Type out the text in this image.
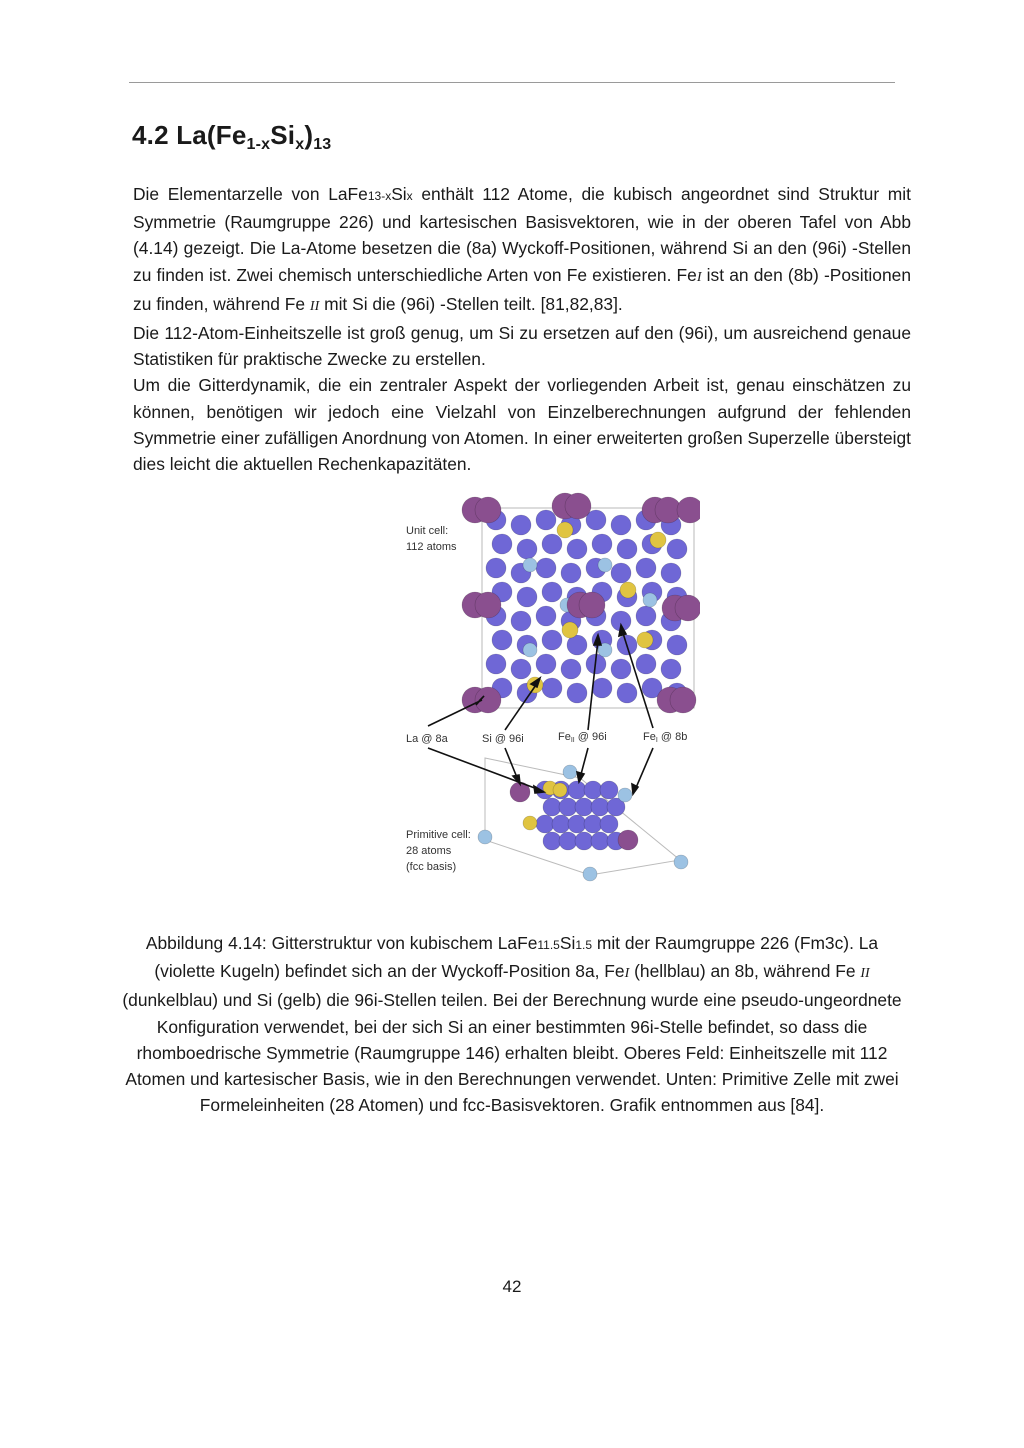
4.2 $La(Fe_{1-x}Si_x)_{13}$

Die Elementarzelle von LaFe13-xSix enthält 112 Atome, die kubisch angeordnet sind Struktur mit Symmetrie (Raumgruppe 226) und kartesischen Basisvektoren, wie in der oberen Tafel von Abb (4.14) gezeigt. Die La-Atome besetzen die (8a) Wyckoff-Positionen, während Si an den (96i) -Stellen zu finden ist. Zwei chemisch unterschiedliche Arten von Fe existieren. FeI ist an den (8b) -Positionen zu finden, während Fe II mit Si die (96i) -Stellen teilt. [81,82,83].

Die 112-Atom-Einheitszelle ist groß genug, um Si zu ersetzen auf den (96i), um ausreichend genaue Statistiken für praktische Zwecke zu erstellen.

Um die Gitterdynamik, die ein zentraler Aspekt der vorliegenden Arbeit ist, genau einschätzen zu können, benötigen wir jedoch eine Vielzahl von Einzelberechnungen aufgrund der fehlenden Symmetrie einer zufälligen Anordnung von Atomen. In einer erweiterten großen Superzelle übersteigt dies leicht die aktuellen Rechenkapazitäten.

Unit cell:
112 atoms
La @ 8a	Si @ 96i	FeII @ 96i	FeI @ 8b
Primitive cell:
28 atoms
(fcc basis)

Abbildung 4.14: Gitterstruktur von kubischem LaFe11.5Si1.5 mit der Raumgruppe 226 (Fm3c). La (violette Kugeln) befindet sich an der Wyckoff-Position 8a, FeI (hellblau) an 8b, während Fe II (dunkelblau) und Si (gelb) die 96i-Stellen teilen. Bei der Berechnung wurde eine pseudo-ungeordnete Konfiguration verwendet, bei der sich Si an einer bestimmten 96i-Stelle befindet, so dass die rhomboedrische Symmetrie (Raumgruppe 146) erhalten bleibt. Oberes Feld: Einheitszelle mit 112 Atomen und kartesischer Basis, wie in den Berechnungen verwendet. Unten: Primitive Zelle mit zwei Formeleinheiten (28 Atomen) und fcc-Basisvektoren. Grafik entnommen aus [84].

42
